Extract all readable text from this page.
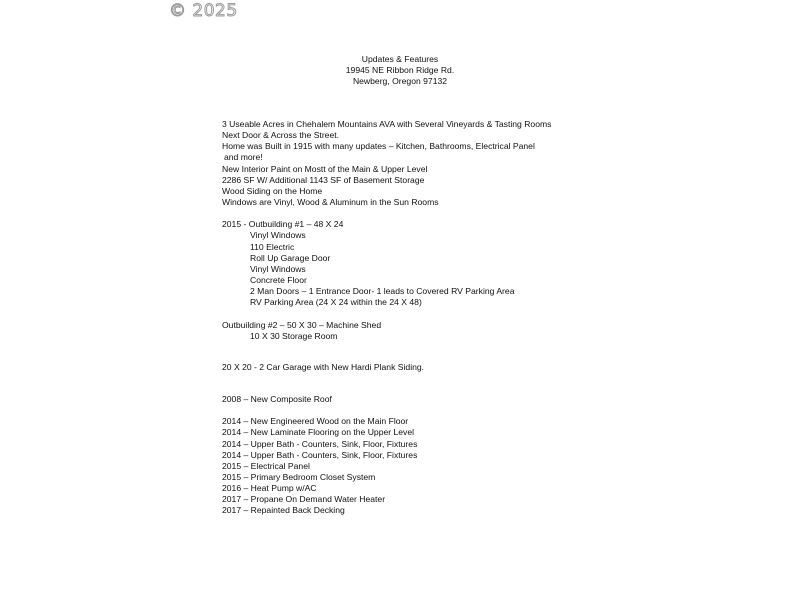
© 2025
Updates & Features
19945 NE Ribbon Ridge Rd.
Newberg, Oregon 97132
3 Useable Acres in Chehalem Mountains AVA with Several Vineyards & Tasting Rooms
Next Door & Across the Street.
Home was Built in 1915 with many updates – Kitchen, Bathrooms, Electrical Panel
and more!
New Interior Paint on Mostt of the Main & Upper Level
2286 SF W/ Additional 1143 SF of Basement Storage
Wood Siding on the Home
Windows are Vinyl, Wood & Aluminum in the Sun Rooms
2015 - Outbuilding #1 – 48 X 24
Vinyl Windows
110 Electric
Roll Up Garage Door
Vinyl Windows
Concrete Floor
2 Man Doors – 1 Entrance Door- 1 leads to Covered RV Parking Area
RV Parking Area (24 X 24 within the 24 X 48)
Outbuilding #2 – 50 X 30 – Machine Shed
10 X 30 Storage Room
20 X 20 - 2 Car Garage with New Hardi Plank Siding.
2008 – New Composite Roof
2014 – New Engineered Wood on the Main Floor
2014 – New Laminate Flooring on the Upper Level
2014 – Upper Bath - Counters, Sink, Floor, Fixtures
2014 – Upper Bath - Counters, Sink, Floor, Fixtures
2015 – Electrical Panel
2015 – Primary Bedroom Closet System
2016 – Heat Pump w/AC
2017 – Propane On Demand Water Heater
2017 – Repainted Back Decking
